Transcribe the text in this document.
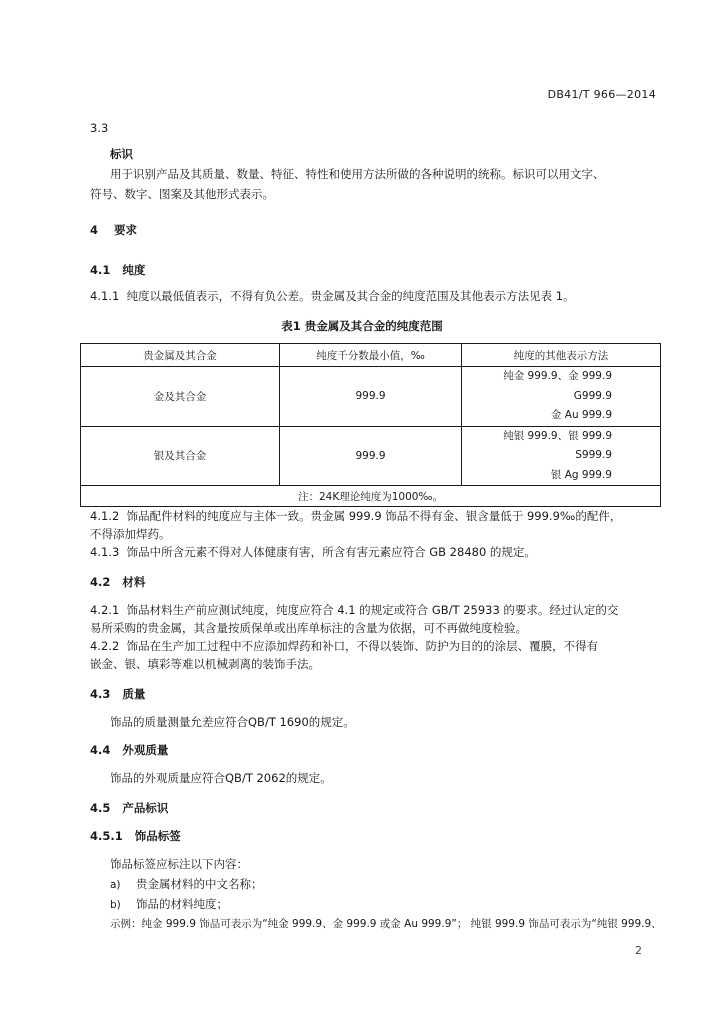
DB41/T 966—2014
3.3
标识
用于识别产品及其质量、数量、特征、特性和使用方法所做的各种说明的统称。标识可以用文字、
符号、数字、图案及其他形式表示。
4 要求
4.1 纯度
4.1.1 纯度以最低值表示，不得有负公差。贵金属及其合金的纯度范围及其他表示方法见表 1。
表1 贵金属及其合金的纯度范围
贵金属及其合金	纯度千分数最小值，‰	纯度的其他表示方法
金及其合金	999.9	纯金 999.9、金 999.9
G999.9
金 Au 999.9

银及其合金	999.9	纯银 999.9、银 999.9
S999.9
银 Ag 999.9

注：24K理论纯度为1000‰。		
4.1.2 饰品配件材料的纯度应与主体一致。贵金属 999.9 饰品不得有金、银含量低于 999.9‰的配件，
不得添加焊药。
4.1.3 饰品中所含元素不得对人体健康有害，所含有害元素应符合 GB 28480 的规定。
4.2 材料
4.2.1 饰品材料生产前应测试纯度，纯度应符合 4.1 的规定或符合 GB/T 25933 的要求。经过认定的交
易所采购的贵金属，其含量按质保单或出库单标注的含量为依据，可不再做纯度检验。
4.2.2 饰品在生产加工过程中不应添加焊药和补口，不得以装饰、防护为目的的涂层、覆膜，不得有
嵌金、银、填彩等难以机械剥离的装饰手法。
4.3 质量
饰品的质量测量允差应符合QB/T 1690的规定。
4.4 外观质量
饰品的外观质量应符合QB/T 2062的规定。
4.5 产品标识
4.5.1 饰品标签
饰品标签应标注以下内容：
a) 贵金属材料的中文名称；
b) 饰品的材料纯度；
示例：纯金 999.9 饰品可表示为“纯金 999.9、金 999.9 或金 Au 999.9”； 纯银 999.9 饰品可表示为“纯银 999.9、
2
